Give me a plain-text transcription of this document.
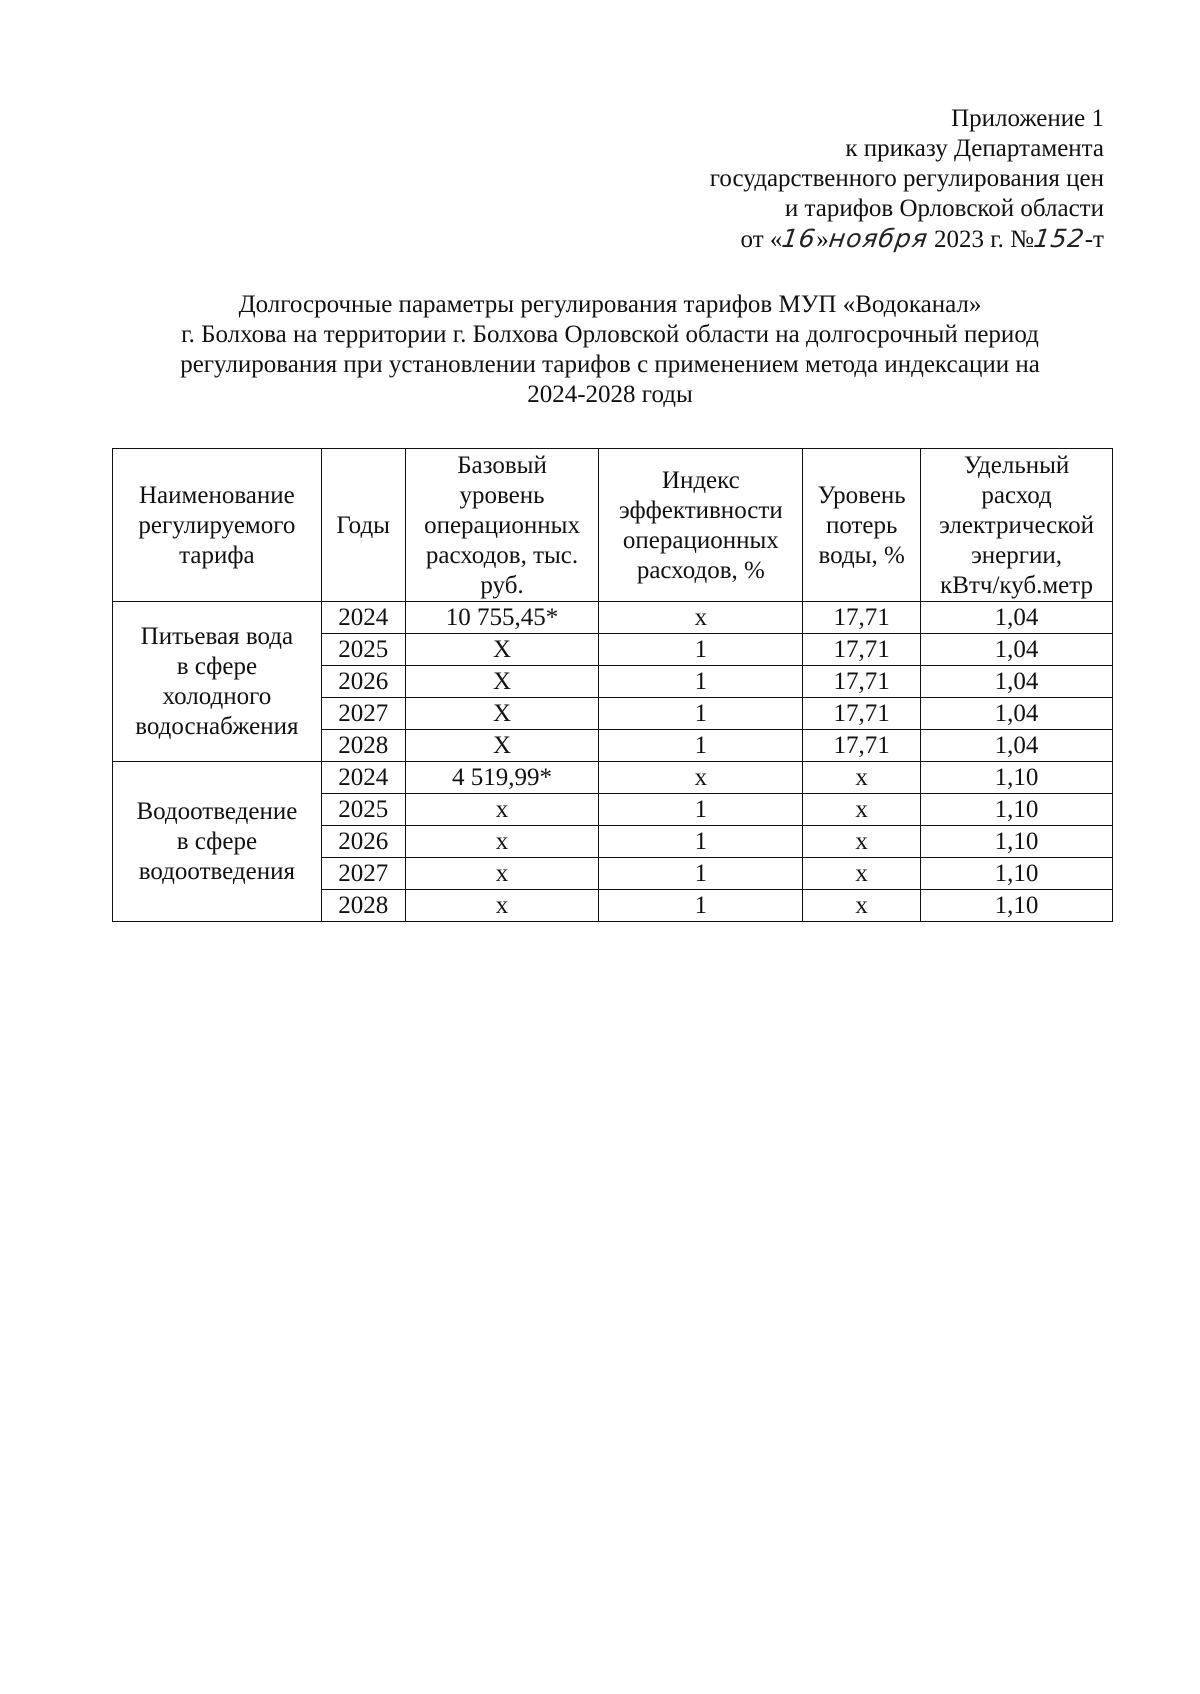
Приложение 1
к приказу Департамента
государственного регулирования цен
и тарифов Орловской области
от «16»ноября 2023 г. №152-т
Долгосрочные параметры регулирования тарифов МУП «Водоканал»
г. Болхова на территории г. Болхова Орловской области на долгосрочный период
регулирования при установлении тарифов с применением метода индексации на
2024-2028 годы
Наименование
регулируемого
тарифа	Годы	Базовый
уровень
операционных
расходов, тыс.
руб.	Индекс
эффективности
операционных
расходов, %	Уровень
потерь
воды, %	Удельный
расход
электрической
энергии,
кВтч/куб.метр
Питьевая вода
в сфере
холодного
водоснабжения	2024	10 755,45*	х	17,71	1,04
	2025	Х	1	17,71	1,04
	2026	Х	1	17,71	1,04
	2027	Х	1	17,71	1,04
	2028	Х	1	17,71	1,04
Водоотведение
в сфере
водоотведения	2024	4 519,99*	х	х	1,10
	2025	х	1	х	1,10
	2026	х	1	х	1,10
	2027	х	1	х	1,10
	2028	х	1	х	1,10
